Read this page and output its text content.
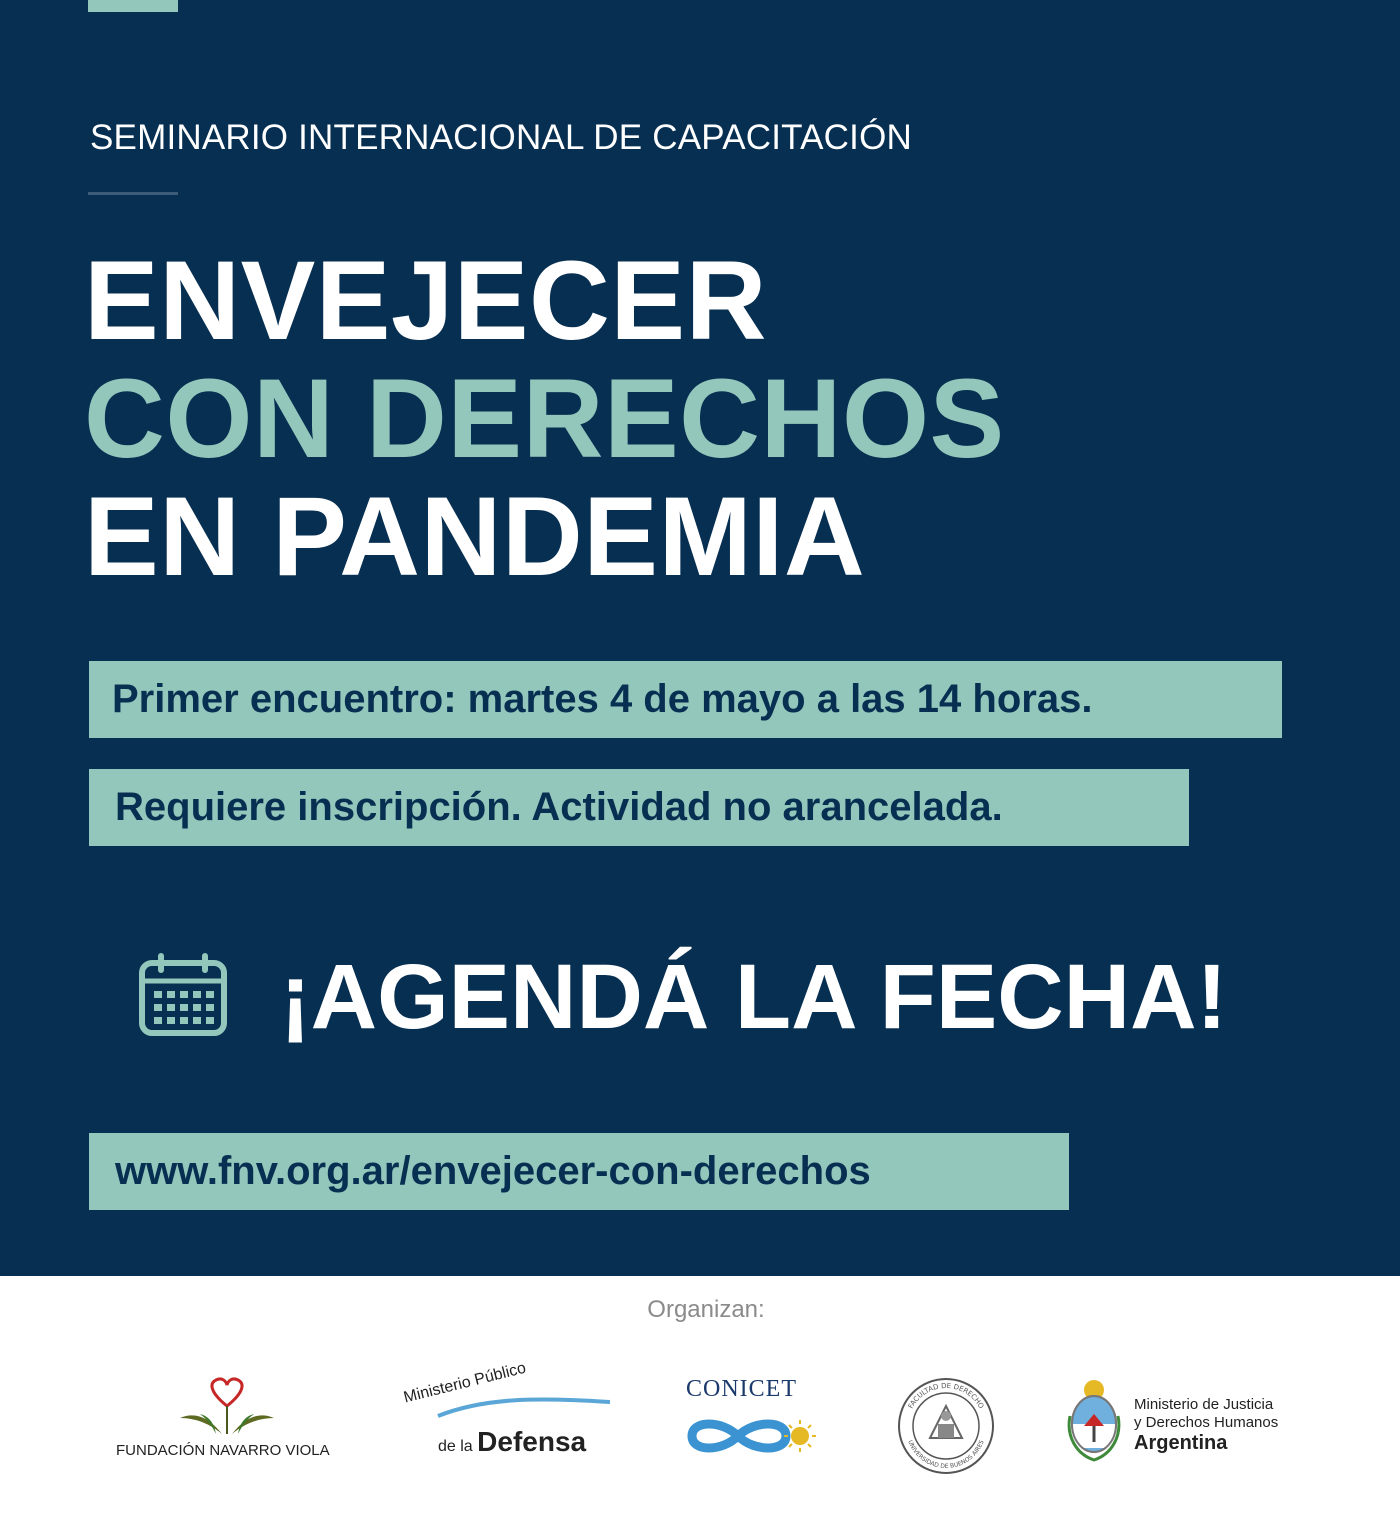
SEMINARIO INTERNACIONAL DE CAPACITACIÓN
ENVEJECER
CON DERECHOS
EN PANDEMIA
Primer encuentro: martes 4 de mayo a las 14 horas.
Requiere inscripción. Actividad no arancelada.
¡AGENDÁ LA FECHA!
www.fnv.org.ar/envejecer-con-derechos
Organizan:
FUNDACIÓN NAVARRO VIOLA
Ministerio Público
de la Defensa
CONICET
FACULTAD DE DERECHO
UNIVERSIDAD DE BUENOS AIRES
Ministerio de Justicia
y Derechos Humanos
Argentina
